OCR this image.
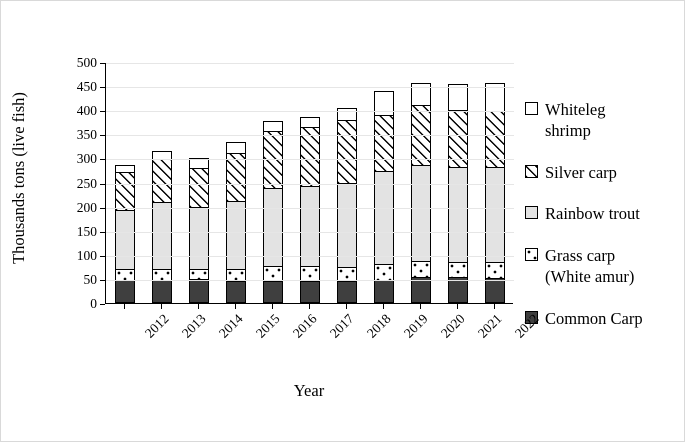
Thousands tons (live fish)
Year
Whiteleg
shrimp
Silver carp
Rainbow trout
Grass carp
(White amur)
Common Carp
0
50
100
150
200
250
300
350
400
450
500
2012 2013 2014 2015 2016 2017 2018 2019 2020 2021 2022
